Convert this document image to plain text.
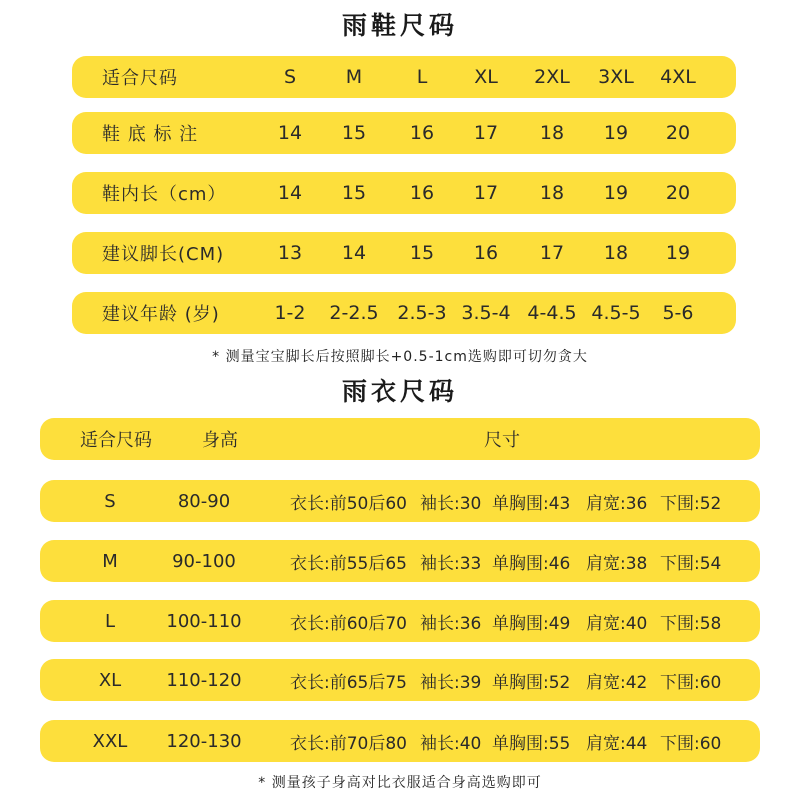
雨鞋尺码
适合尺码	S	M	L	XL	2XL	3XL	4XL
鞋 底 标 注	14	15	16	17	18	19	20
鞋内长（cm）	14	15	16	17	18	19	20
建议脚长(CM)	13	14	15	16	17	18	19
建议年龄 (岁)	1-2	2-2.5 2.5-3 3.5-4 4-4.5 4.5-5	5-6
* 测量宝宝脚长后按照脚长+0.5-1cm选购即可切勿贪大
雨衣尺码
适合尺码	身高	尺寸
S	80-90	衣长:前50后60 袖长:30 单胸围:43 肩宽:36 下围:52
M	90-100	衣长:前55后65 袖长:33 单胸围:46 肩宽:38 下围:54
L	100-110	衣长:前60后70 袖长:36 单胸围:49 肩宽:40 下围:58
XL	110-120	衣长:前65后75 袖长:39 单胸围:52 肩宽:42 下围:60
XXL	120-130	衣长:前70后80 袖长:40 单胸围:55 肩宽:44 下围:60
* 测量孩子身高对比衣服适合身高选购即可
